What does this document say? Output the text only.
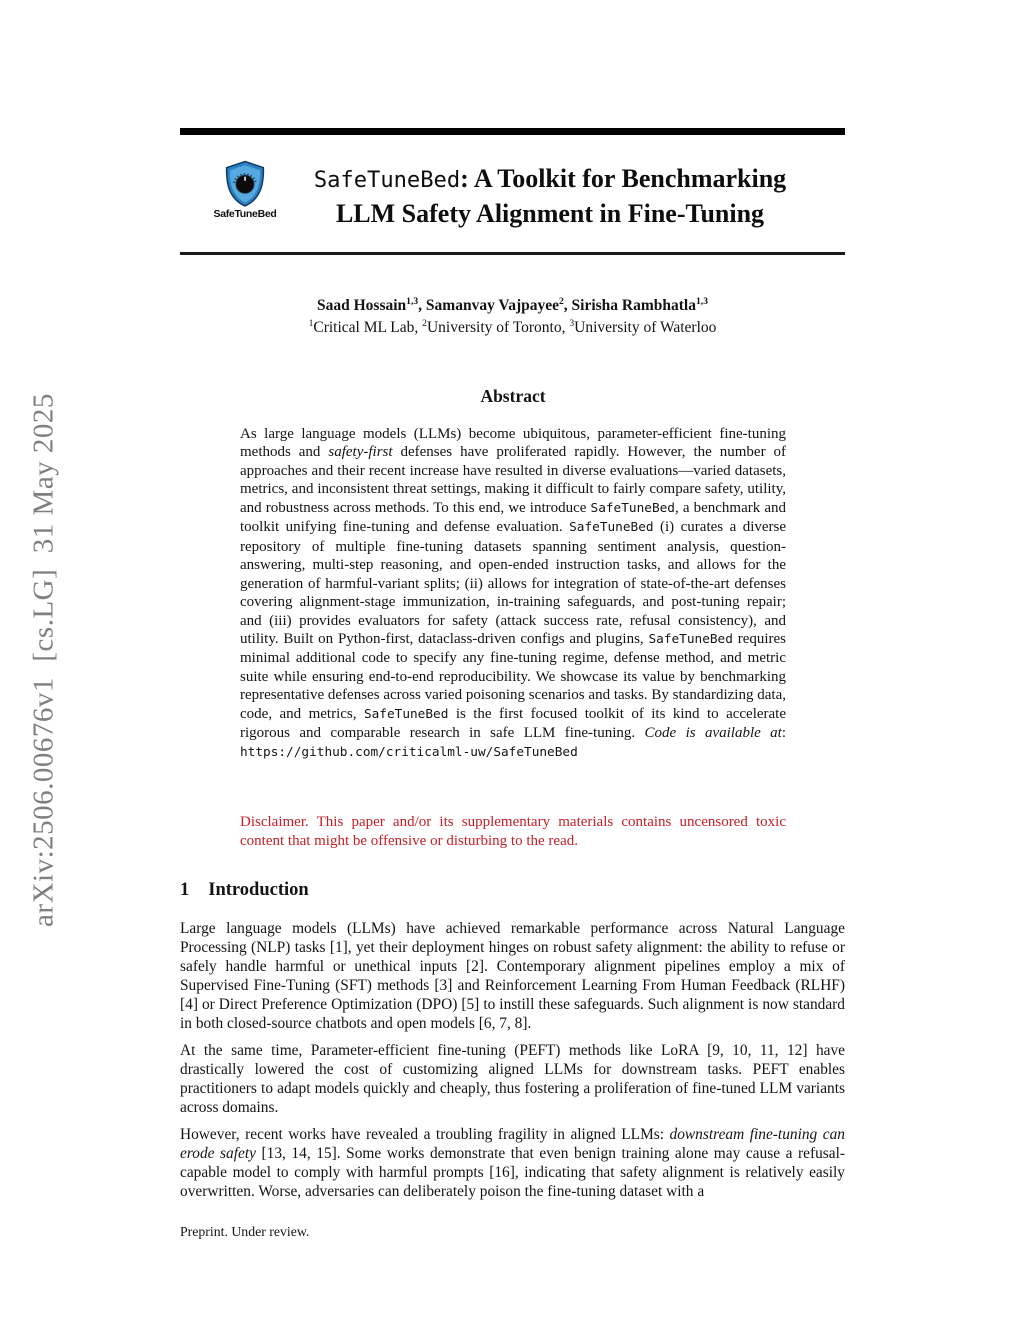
arXiv:2506.00676v1  [cs.LG]  31 May 2025
SafeTuneBed
SafeTuneBed: A Toolkit for Benchmarking
LLM Safety Alignment in Fine-Tuning
Saad Hossain$^{1,3}$, Samanvay Vajpayee$^2$, Sirisha Rambhatla$^{1,3}$
$^1$Critical ML Lab, $^2$University of Toronto, $^3$University of Waterloo
Abstract
As large language models (LLMs) become ubiquitous, parameter-efficient fine-tuning methods and safety-first defenses have proliferated rapidly. However, the number of approaches and their recent increase have resulted in diverse evaluations—varied datasets, metrics, and inconsistent threat settings, making it difficult to fairly compare safety, utility, and robustness across methods. To this end, we introduce SafeTuneBed, a benchmark and toolkit unifying fine-tuning and defense evaluation. SafeTuneBed (i) curates a diverse repository of multiple fine-tuning datasets spanning sentiment analysis, question-answering, multi-step reasoning, and open-ended instruction tasks, and allows for the generation of harmful-variant splits; (ii) allows for integration of state-of-the-art defenses covering alignment-stage immunization, in-training safeguards, and post-tuning repair; and (iii) provides evaluators for safety (attack success rate, refusal consistency), and utility. Built on Python-first, dataclass-driven configs and plugins, SafeTuneBed requires minimal additional code to specify any fine-tuning regime, defense method, and metric suite while ensuring end-to-end reproducibility. We showcase its value by benchmarking representative defenses across varied poisoning scenarios and tasks. By standardizing data, code, and metrics, SafeTuneBed is the first focused toolkit of its kind to accelerate rigorous and comparable research in safe LLM fine-tuning. Code is available at: https://github.com/criticalml-uw/SafeTuneBed
Disclaimer. This paper and/or its supplementary materials contains uncensored toxic content that might be offensive or disturbing to the read.
1 Introduction
Large language models (LLMs) have achieved remarkable performance across Natural Language Processing (NLP) tasks [1], yet their deployment hinges on robust safety alignment: the ability to refuse or safely handle harmful or unethical inputs [2]. Contemporary alignment pipelines employ a mix of Supervised Fine-Tuning (SFT) methods [3] and Reinforcement Learning From Human Feedback (RLHF) [4] or Direct Preference Optimization (DPO) [5] to instill these safeguards. Such alignment is now standard in both closed-source chatbots and open models [6, 7, 8].
At the same time, Parameter-efficient fine-tuning (PEFT) methods like LoRA [9, 10, 11, 12] have drastically lowered the cost of customizing aligned LLMs for downstream tasks. PEFT enables practitioners to adapt models quickly and cheaply, thus fostering a proliferation of fine-tuned LLM variants across domains.
However, recent works have revealed a troubling fragility in aligned LLMs: downstream fine-tuning can erode safety [13, 14, 15]. Some works demonstrate that even benign training alone may cause a refusal-capable model to comply with harmful prompts [16], indicating that safety alignment is relatively easily overwritten. Worse, adversaries can deliberately poison the fine-tuning dataset with a
Preprint. Under review.
